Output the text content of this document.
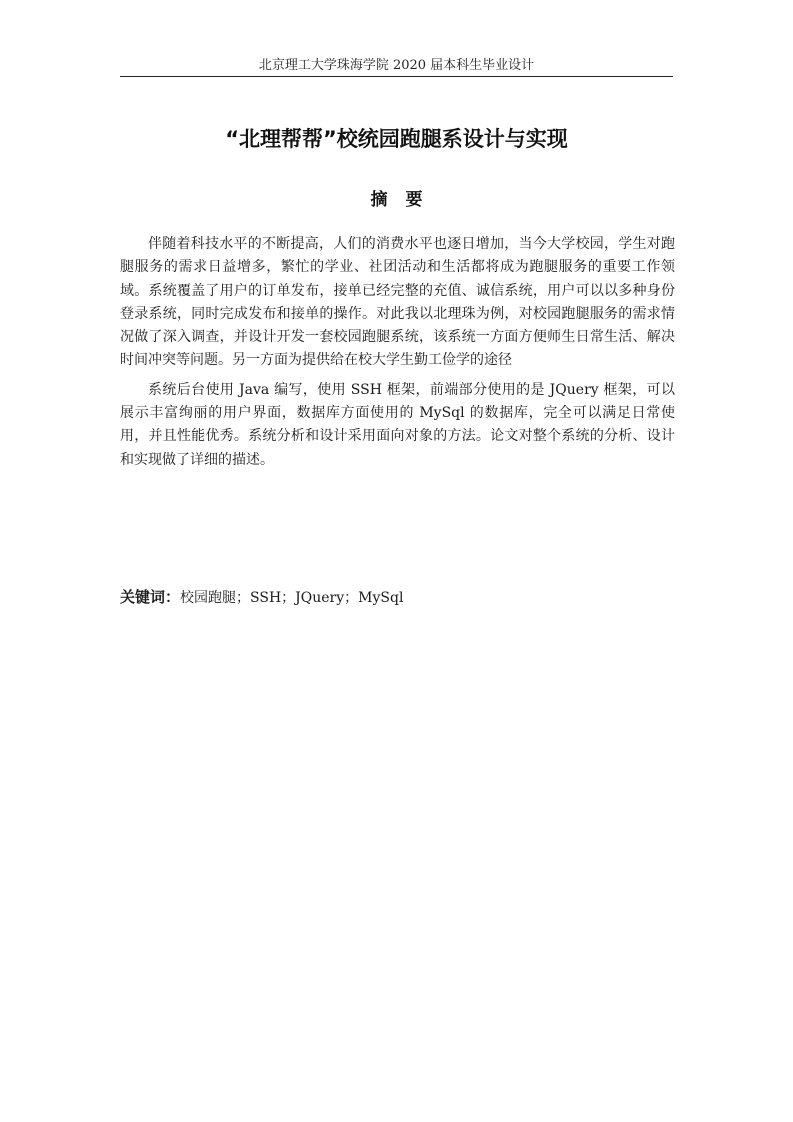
北京理工大学珠海学院 2020 届本科生毕业设计
“北理帮帮”校统园跑腿系设计与实现
摘要

伴随着科技水平的不断提高，人们的消费水平也逐日增加，当今大学校园，学生对跑腿服务的需求日益增多，繁忙的学业、社团活动和生活都将成为跑腿服务的重要工作领域。系统覆盖了用户的订单发布，接单已经完整的充值、诚信系统，用户可以以多种身份登录系统，同时完成发布和接单的操作。对此我以北理珠为例，对校园跑腿服务的需求情况做了深入调查，并设计开发一套校园跑腿系统，该系统一方面方便师生日常生活、解决时间冲突等问题。另一方面为提供给在校大学生勤工俭学的途径

系统后台使用 Java 编写，使用 SSH 框架，前端部分使用的是 JQuery 框架，可以展示丰富绚丽的用户界面，数据库方面使用的 MySql 的数据库，完全可以满足日常使用，并且性能优秀。系统分析和设计采用面向对象的方法。论文对整个系统的分析、设计和实现做了详细的描述。

关键词：校园跑腿；SSH；JQuery；MySql
